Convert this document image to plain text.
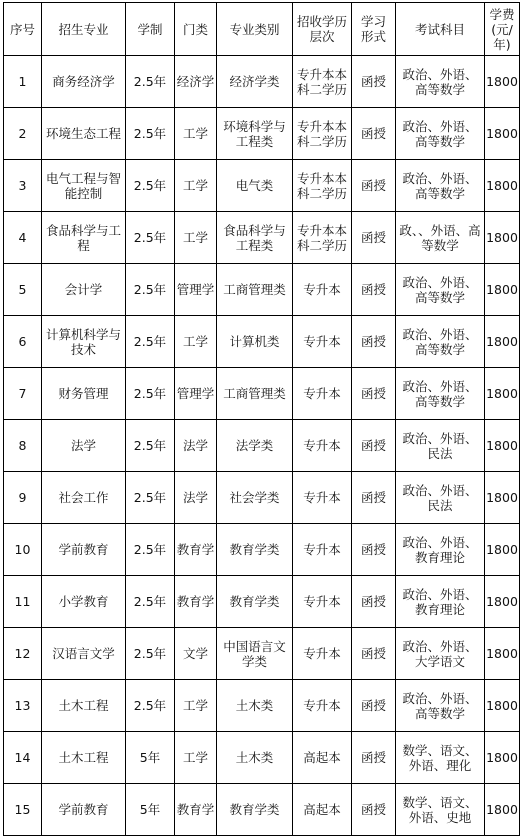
序号	招生专业	学制	门类	专业类别	招收学历层次	学习形式	考试科目	学费(元/年)
1	商务经济学	2.5年	经济学	经济学类	专升本本科二学历	函授	政治、外语、高等数学	1800
2	环境生态工程	2.5年	工学	环境科学与工程类	专升本本科二学历	函授	政治、外语、高等数学	1800
3	电气工程与智能控制	2.5年	工学	电气类	专升本本科二学历	函授	政治、外语、高等数学	1800
4	食品科学与工程	2.5年	工学	食品科学与工程类	专升本本科二学历	函授	政、、外语、高等数学	1800
5	会计学	2.5年	管理学	工商管理类	专升本	函授	政治、外语、高等数学	1800
6	计算机科学与技术	2.5年	工学	计算机类	专升本	函授	政治、外语、高等数学	1800
7	财务管理	2.5年	管理学	工商管理类	专升本	函授	政治、外语、高等数学	1800
8	法学	2.5年	法学	法学类	专升本	函授	政治、外语、民法	1800
9	社会工作	2.5年	法学	社会学类	专升本	函授	政治、外语、民法	1800
10	学前教育	2.5年	教育学	教育学类	专升本	函授	政治、外语、教育理论	1800
11	小学教育	2.5年	教育学	教育学类	专升本	函授	政治、外语、教育理论	1800
12	汉语言文学	2.5年	文学	中国语言文学类	专升本	函授	政治、外语、大学语文	1800
13	土木工程	2.5年	工学	土木类	专升本	函授	政治、外语、高等数学	1800
14	土木工程	5年	工学	土木类	高起本	函授	数学、语文、外语、理化	1800
15	学前教育	5年	教育学	教育学类	高起本	函授	数学、语文、外语、史地	1800
